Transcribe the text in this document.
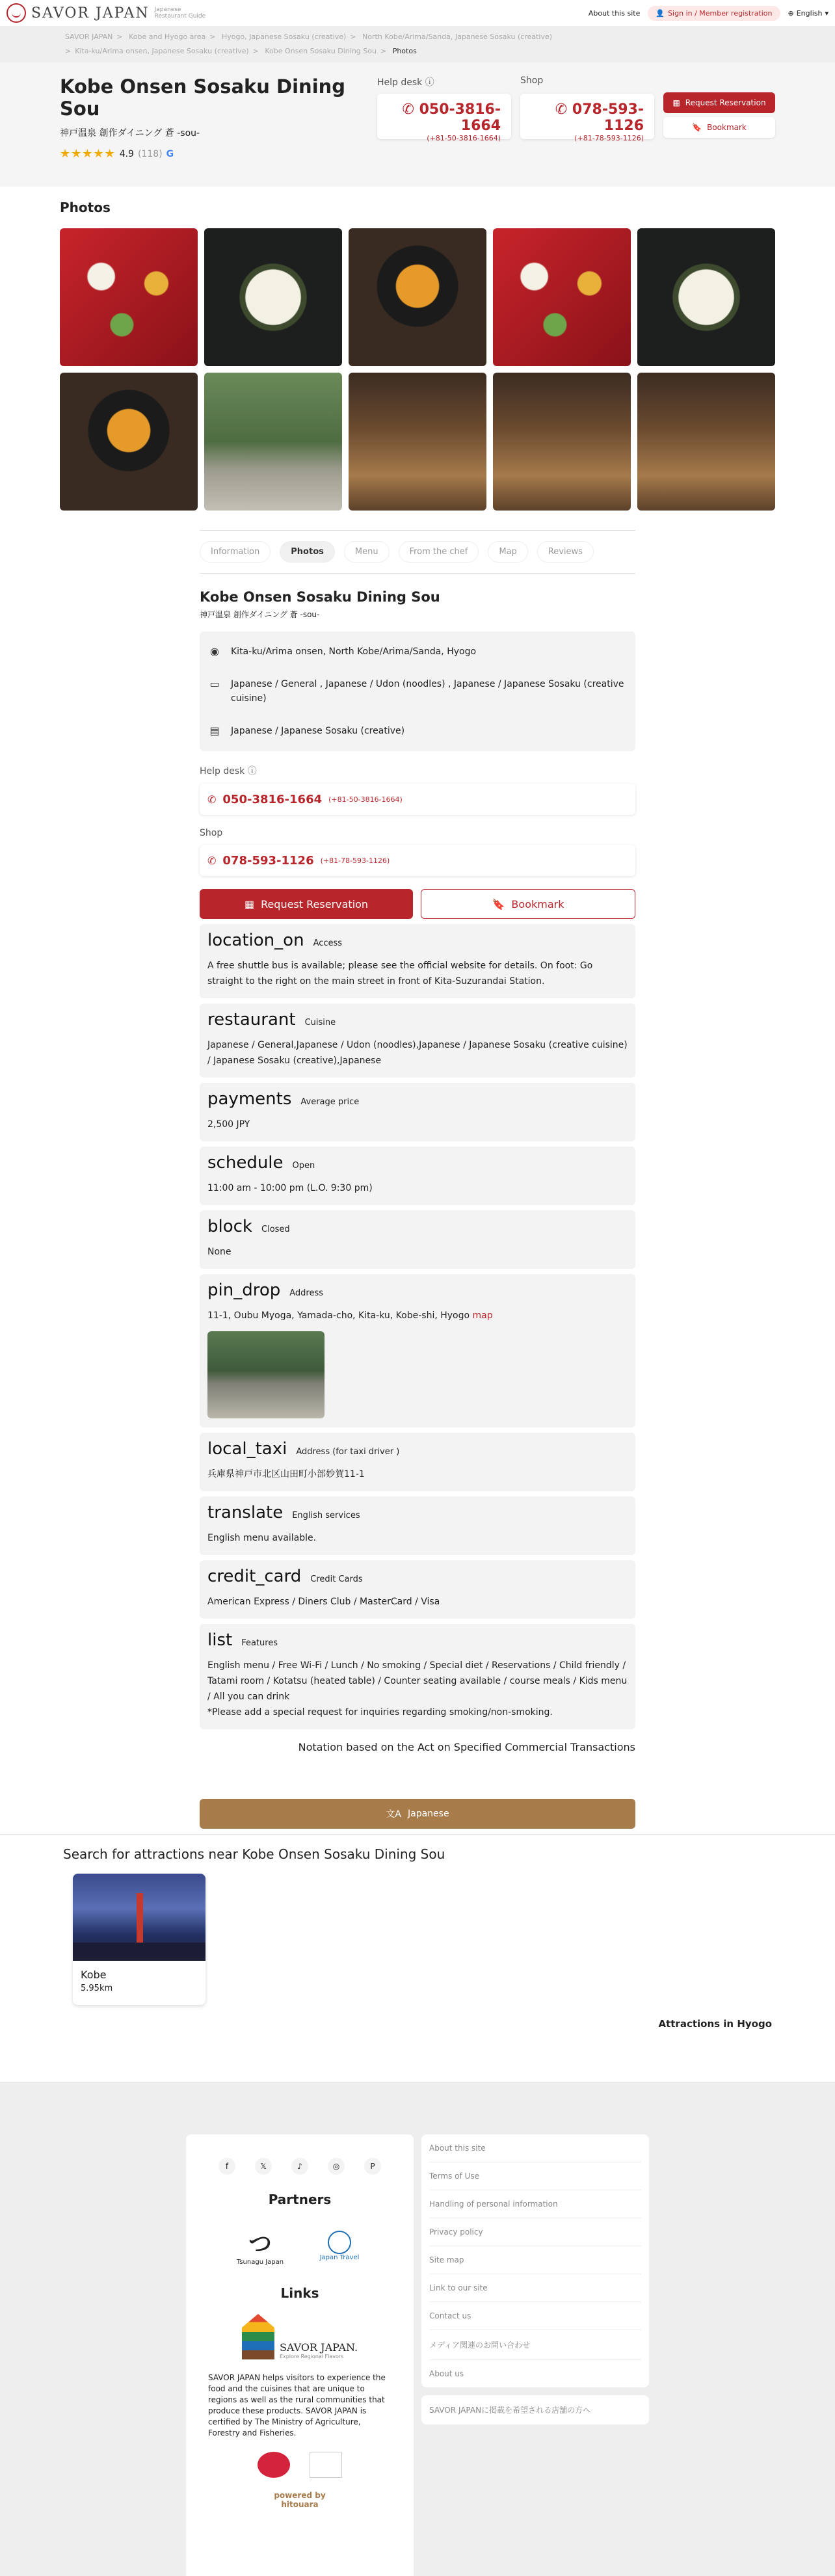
SAVOR JAPAN Japanese
Restaurant Guide	About this site 👤 Sign in / Member registration ⊕ English ▾
SAVOR JAPAN > Kobe and Hyogo area > Hyogo, Japanese Sosaku (creative) > North Kobe/Arima/Sanda, Japanese Sosaku (creative)
> Kita-ku/Arima onsen, Japanese Sosaku (creative) > Kobe Onsen Sosaku Dining Sou > Photos
Kobe Onsen Sosaku Dining Sou
神戸温泉 創作ダイニング 蒼 -sou-
★★★★★ 4.9 (118) G
Help desk ⓘ
✆ 050-3816-1664
(+81-50-3816-1664)
Shop
✆ 078-593-1126
(+81-78-593-1126)
▦ Request Reservation
🔖 Bookmark
Photos
Information	Photos	Menu	From the chef	Map	Reviews
Kobe Onsen Sosaku Dining Sou
神戸温泉 創作ダイニング 蒼 -sou-
◉ Kita-ku/Arima onsen, North Kobe/Arima/Sanda, Hyogo
▭ Japanese / General , Japanese / Udon (noodles) , Japanese / Japanese Sosaku (creative cuisine)
▤ Japanese / Japanese Sosaku (creative)
Help desk ⓘ
✆ 050-3816-1664 (+81-50-3816-1664)
Shop
✆ 078-593-1126 (+81-78-593-1126)
▦ Request Reservation	🔖 Bookmark
location_on Access
A free shuttle bus is available; please see the official website for details. On foot: Go straight to the right on the main street in front of Kita-Suzurandai Station.
restaurant Cuisine
Japanese / General,Japanese / Udon (noodles),Japanese / Japanese Sosaku (creative cuisine) / Japanese Sosaku (creative),Japanese
payments Average price
2,500 JPY
schedule Open
11:00 am - 10:00 pm (L.O. 9:30 pm)
block Closed
None
pin_drop Address
11-1, Oubu Myoga, Yamada-cho, Kita-ku, Kobe-shi, Hyogo map
local_taxi Address (for taxi driver )
兵庫県神戸市北区山田町小部妙賀11-1
translate English services
English menu available.
credit_card Credit Cards
American Express / Diners Club / MasterCard / Visa
list Features
English menu / Free Wi-Fi / Lunch / No smoking / Special diet / Reservations / Child friendly / Tatami room / Kotatsu (heated table) / Counter seating available / course meals / Kids menu / All you can drink
*Please add a special request for inquiries regarding smoking/non-smoking.
Notation based on the Act on Specified Commercial Transactions
文A Japanese
Search for attractions near Kobe Onsen Sosaku Dining Sou
Kobe
5.95km
Attractions in Hyogo
f	𝕏	♪	◎	P
Partners
つ
Tsunagu Japan
Japan Travel
Links
SAVOR JAPAN.
Explore Regional Flavors
SAVOR JAPAN helps visitors to experience the food and the cuisines that are unique to regions as well as the rural communities that produce these products. SAVOR JAPAN is certified by The Ministry of Agriculture, Forestry and Fisheries.
powered by
hitouara
About this site
Terms of Use
Handling of personal information
Privacy policy
Site map
Link to our site
Contact us
メディア関連のお問い合わせ
About us
SAVOR JAPANに掲載を希望される店舗の方へ
